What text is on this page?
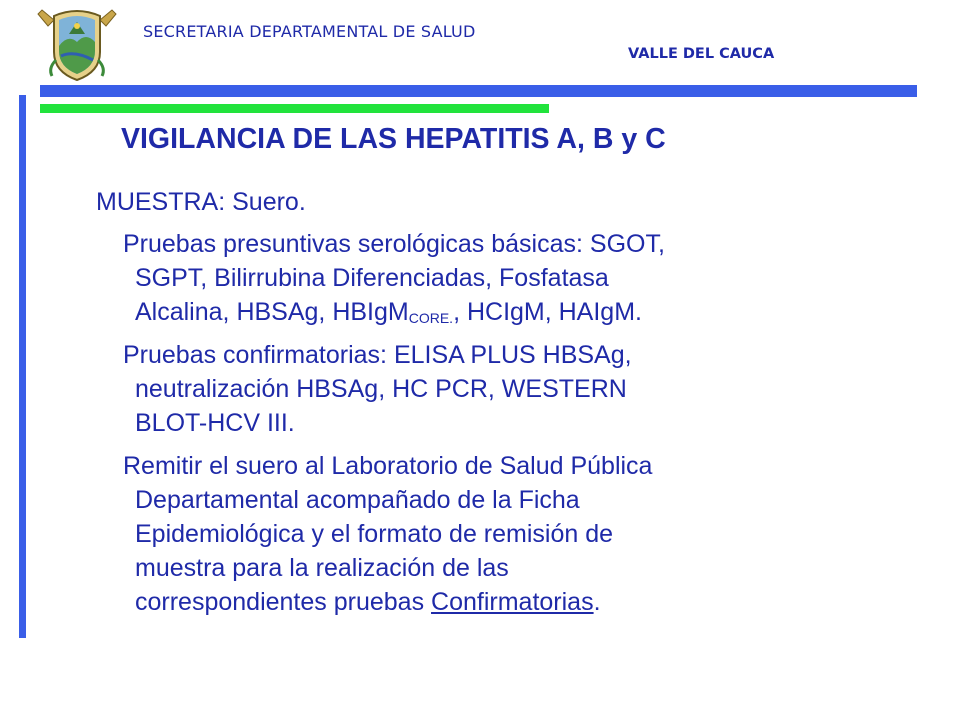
SECRETARIA DEPARTAMENTAL DE SALUD
VALLE DEL CAUCA
VIGILANCIA DE LAS HEPATITIS A, B y C
MUESTRA: Suero.
Pruebas presuntivas serológicas básicas: SGOT,
SGPT, Bilirrubina Diferenciadas, Fosfatasa
Alcalina, HBSAg, HBIgM$_{CORE.}$, HCIgM, HAIgM.
Pruebas confirmatorias: ELISA PLUS HBSAg,
neutralización HBSAg, HC PCR, WESTERN
BLOT-HCV III.
Remitir el suero al Laboratorio de Salud Pública
Departamental acompañado de la Ficha
Epidemiológica y el formato de remisión de
muestra para la realización de las
correspondientes pruebas Confirmatorias.
